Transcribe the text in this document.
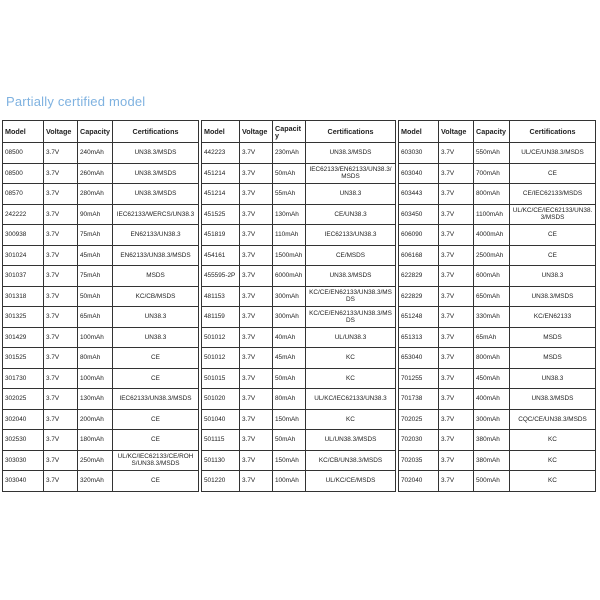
Partially certified model
Model	Voltage	Capacity	Certifications
08500	3.7V	240mAh	UN38.3/MSDS
08500	3.7V	260mAh	UN38.3/MSDS
08570	3.7V	280mAh	UN38.3/MSDS
242222	3.7V	90mAh	IEC62133/WERCS/UN38.3
300938	3.7V	75mAh	EN62133/UN38.3
301024	3.7V	45mAh	EN62133/UN38.3/MSDS
301037	3.7V	75mAh	MSDS
301318	3.7V	50mAh	KC/CB/MSDS
301325	3.7V	65mAh	UN38.3
301429	3.7V	100mAh	UN38.3
301525	3.7V	80mAh	CE
301730	3.7V	100mAh	CE
302025	3.7V	130mAh	IEC62133/UN38.3/MSDS
302040	3.7V	200mAh	CE
302530	3.7V	180mAh	CE
303030	3.7V	250mAh	UL/KC/IEC62133/CE/ROHS/UN38.3/MSDS
303040	3.7V	320mAh	CE
Model	Voltage	Capacity	Certifications
442223	3.7V	230mAh	UN38.3/MSDS
451214	3.7V	50mAh	IEC62133/EN62133/UN38.3/MSDS
451214	3.7V	55mAh	UN38.3
451525	3.7V	130mAh	CE/UN38.3
451819	3.7V	110mAh	IEC62133/UN38.3
454161	3.7V	1500mAh	CE/MSDS
455595-2P	3.7V	6000mAh	UN38.3/MSDS
481153	3.7V	300mAh	KC/CE/EN62133/UN38.3/MSDS
481159	3.7V	300mAh	KC/CE/EN62133/UN38.3/MSDS
501012	3.7V	40mAh	UL/UN38.3
501012	3.7V	45mAh	KC
501015	3.7V	50mAh	KC
501020	3.7V	80mAh	UL/KC/IEC62133/UN38.3
501040	3.7V	150mAh	KC
501115	3.7V	50mAh	UL/UN38.3/MSDS
501130	3.7V	150mAh	KC/CB/UN38.3/MSDS
501220	3.7V	100mAh	UL/KC/CE/MSDS
Model	Voltage	Capacity	Certifications
603030	3.7V	550mAh	UL/CE/UN38.3/MSDS
603040	3.7V	700mAh	CE
603443	3.7V	800mAh	CE/IEC62133/MSDS
603450	3.7V	1100mAh	UL/KC/CE/IEC62133/UN38.3/MSDS
606090	3.7V	4000mAh	CE
606168	3.7V	2500mAh	CE
622829	3.7V	600mAh	UN38.3
622829	3.7V	650mAh	UN38.3/MSDS
651248	3.7V	330mAh	KC/EN62133
651313	3.7V	65mAh	MSDS
653040	3.7V	800mAh	MSDS
701255	3.7V	450mAh	UN38.3
701738	3.7V	400mAh	UN38.3/MSDS
702025	3.7V	300mAh	CQC/CE/UN38.3/MSDS
702030	3.7V	380mAh	KC
702035	3.7V	380mAh	KC
702040	3.7V	500mAh	KC
